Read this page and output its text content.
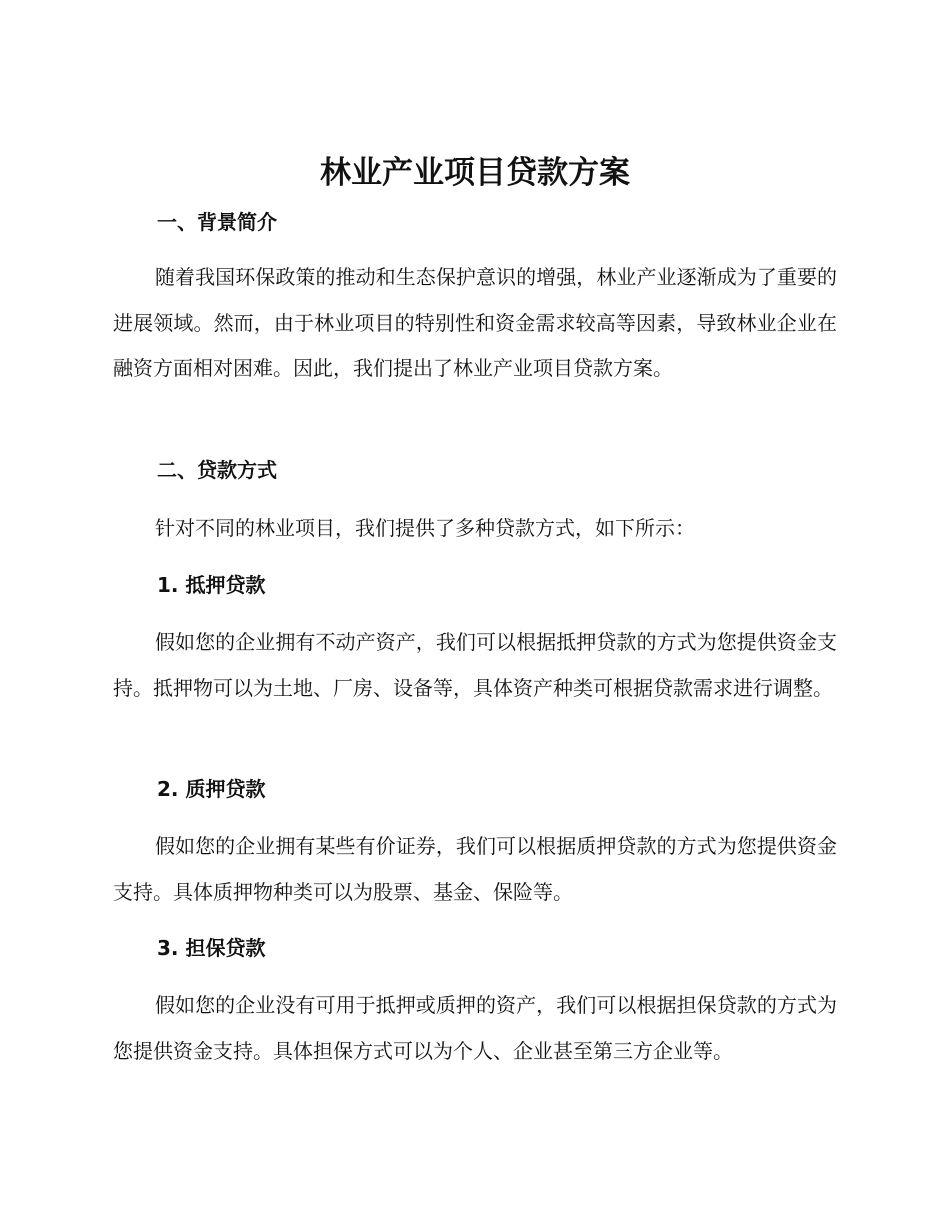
林业产业项目贷款方案
一、背景简介

随着我国环保政策的推动和生态保护意识的增强，林业产业逐渐成为了重要的进展领域。然而，由于林业项目的特别性和资金需求较高等因素，导致林业企业在融资方面相对困难。因此，我们提出了林业产业项目贷款方案。

二、贷款方式

针对不同的林业项目，我们提供了多种贷款方式，如下所示：

1. 抵押贷款

假如您的企业拥有不动产资产，我们可以根据抵押贷款的方式为您提供资金支持。抵押物可以为土地、厂房、设备等，具体资产种类可根据贷款需求进行调整。

2. 质押贷款

假如您的企业拥有某些有价证券，我们可以根据质押贷款的方式为您提供资金支持。具体质押物种类可以为股票、基金、保险等。

3. 担保贷款

假如您的企业没有可用于抵押或质押的资产，我们可以根据担保贷款的方式为您提供资金支持。具体担保方式可以为个人、企业甚至第三方企业等。
